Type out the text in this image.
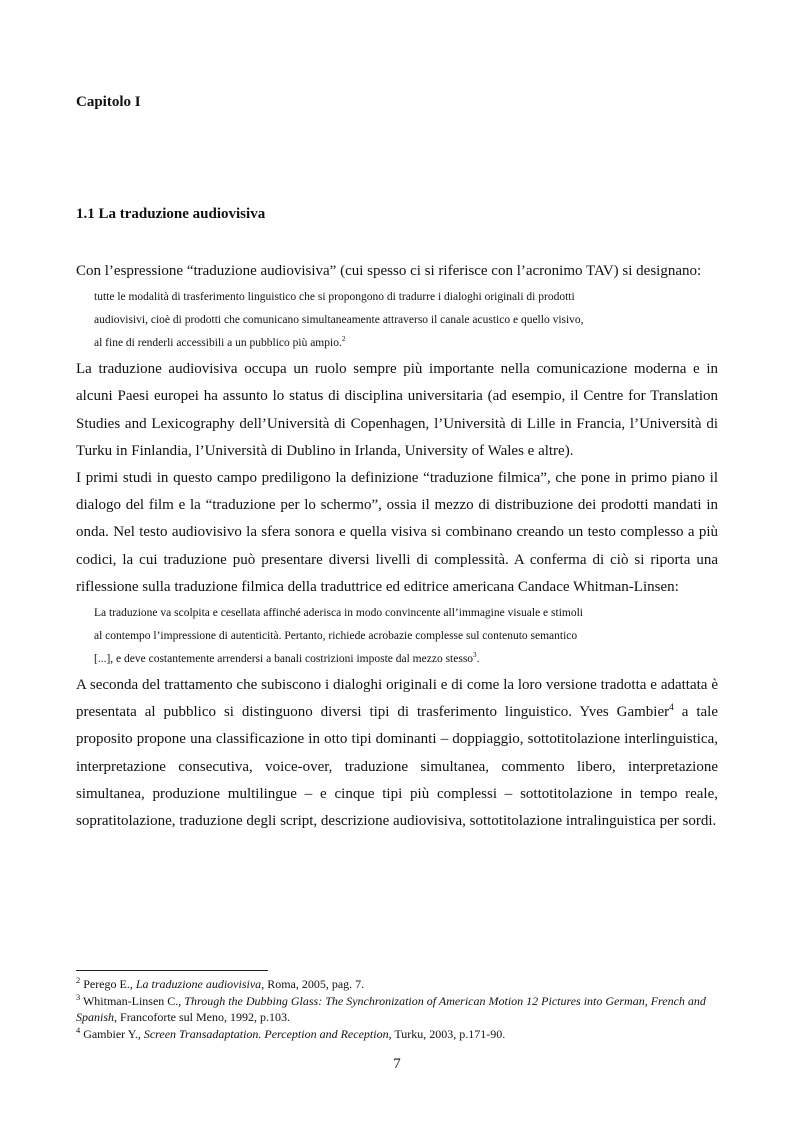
Capitolo I
1.1 La traduzione audiovisiva

Con l’espressione “traduzione audiovisiva” (cui spesso ci si riferisce con l’acronimo TAV) si designano:

tutte le modalità di trasferimento linguistico che si propongono di tradurre i dialoghi originali di prodotti
audiovisivi, cioè di prodotti che comunicano simultaneamente attraverso il canale acustico e quello visivo,
al fine di renderli accessibili a un pubblico più ampio.$^2$

La traduzione audiovisiva occupa un ruolo sempre più importante nella comunicazione moderna e in alcuni Paesi europei ha assunto lo status di disciplina universitaria (ad esempio, il Centre for Translation Studies and Lexicography dell’Università di Copenhagen, l’Università di Lille in Francia, l’Università di Turku in Finlandia, l’Università di Dublino in Irlanda, University of Wales e altre).

I primi studi in questo campo prediligono la definizione “traduzione filmica”, che pone in primo piano il dialogo del film e la “traduzione per lo schermo”, ossia il mezzo di distribuzione dei prodotti mandati in onda. Nel testo audiovisivo la sfera sonora e quella visiva si combinano creando un testo complesso a più codici, la cui traduzione può presentare diversi livelli di complessità. A conferma di ciò si riporta una riflessione sulla traduzione filmica della traduttrice ed editrice americana Candace Whitman-Linsen:

La traduzione va scolpita e cesellata affinché aderisca in modo convincente all’immagine visuale e stimoli
al contempo l’impressione di autenticità. Pertanto, richiede acrobazie complesse sul contenuto semantico
[...], e deve costantemente arrendersi a banali costrizioni imposte dal mezzo stesso$^3$.

A seconda del trattamento che subiscono i dialoghi originali e di come la loro versione tradotta e adattata è presentata al pubblico si distinguono diversi tipi di trasferimento linguistico. Yves Gambier$^4$ a tale proposito propone una classificazione in otto tipi dominanti – doppiaggio, sottotitolazione interlinguistica, interpretazione consecutiva, voice-over, traduzione simultanea, commento libero, interpretazione simultanea, produzione multilingue – e cinque tipi più complessi – sottotitolazione in tempo reale, sopratitolazione, traduzione degli script, descrizione audiovisiva, sottotitolazione intralinguistica per sordi.

$^2$ Perego E., La traduzione audiovisiva, Roma, 2005, pag. 7.

$^3$ Whitman-Linsen C., Through the Dubbing Glass: The Synchronization of American Motion 12 Pictures into German, French and Spanish, Francoforte sul Meno, 1992, p.103.

$^4$ Gambier Y., Screen Transadaptation. Perception and Reception, Turku, 2003, p.171-90.

7
